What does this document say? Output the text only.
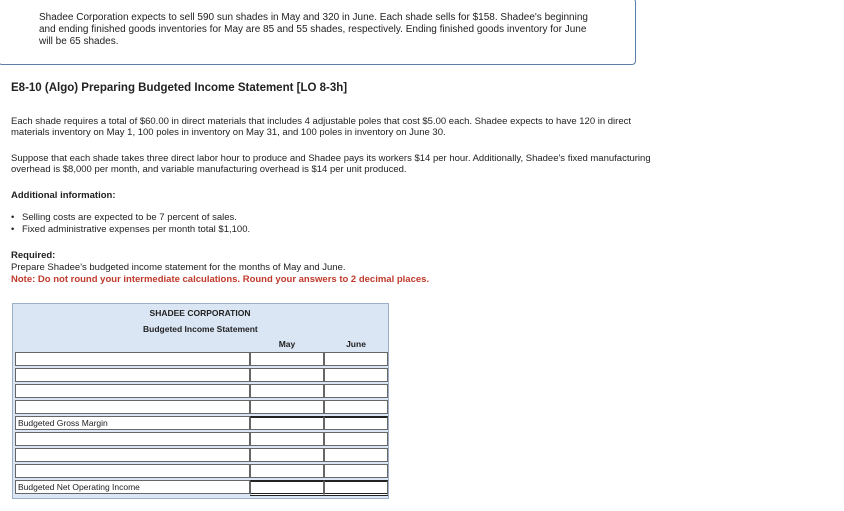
Shadee Corporation expects to sell 590 sun shades in May and 320 in June. Each shade sells for $158. Shadee's beginning and ending finished goods inventories for May are 85 and 55 shades, respectively. Ending finished goods inventory for June will be 65 shades.

E8-10 (Algo) Preparing Budgeted Income Statement [LO 8-3h]

Each shade requires a total of $60.00 in direct materials that includes 4 adjustable poles that cost $5.00 each. Shadee expects to have 120 in direct materials inventory on May 1, 100 poles in inventory on May 31, and 100 poles in inventory on June 30.

Suppose that each shade takes three direct labor hour to produce and Shadee pays its workers $14 per hour. Additionally, Shadee's fixed manufacturing overhead is $8,000 per month, and variable manufacturing overhead is $14 per unit produced.

Additional information:
• Selling costs are expected to be 7 percent of sales.
• Fixed administrative expenses per month total $1,100.
Required:
Prepare Shadee's budgeted income statement for the months of May and June.
Note: Do not round your intermediate calculations. Round your answers to 2 decimal places.
SHADEE CORPORATION
Budgeted Income Statement
May	June
Budgeted Gross Margin
Budgeted Net Operating Income
